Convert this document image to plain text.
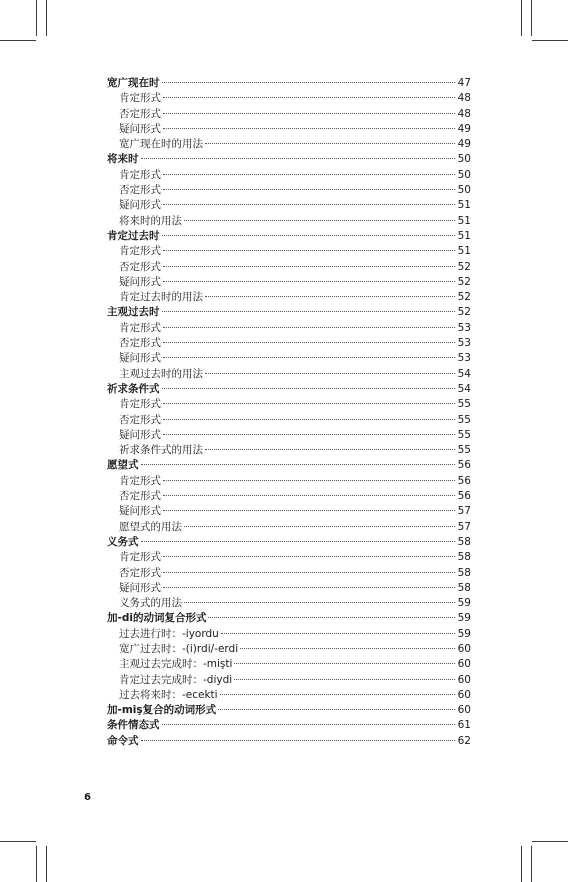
宽广现在时	47
肯定形式	48
否定形式	48
疑问形式	49
宽广现在时的用法	49
将来时	50
肯定形式	50
否定形式	50
疑问形式	51
将来时的用法	51
肯定过去时	51
肯定形式	51
否定形式	52
疑问形式	52
肯定过去时的用法	52
主观过去时	52
肯定形式	53
否定形式	53
疑问形式	53
主观过去时的用法	54
祈求条件式	54
肯定形式	55
否定形式	55
疑问形式	55
祈求条件式的用法	55
愿望式	56
肯定形式	56
否定形式	56
疑问形式	57
愿望式的用法	57
义务式	58
肯定形式	58
否定形式	58
疑问形式	58
义务式的用法	59
加-di的动词复合形式	59
过去进行时：-iyordu	59
宽广过去时：-(i)rdi/-erdi	60
主观过去完成时：-mişti	60
肯定过去完成时：-diydi	60
过去将来时：-ecekti	60
加-miş复合的动词形式	60
条件情态式	61
命令式	62
6
